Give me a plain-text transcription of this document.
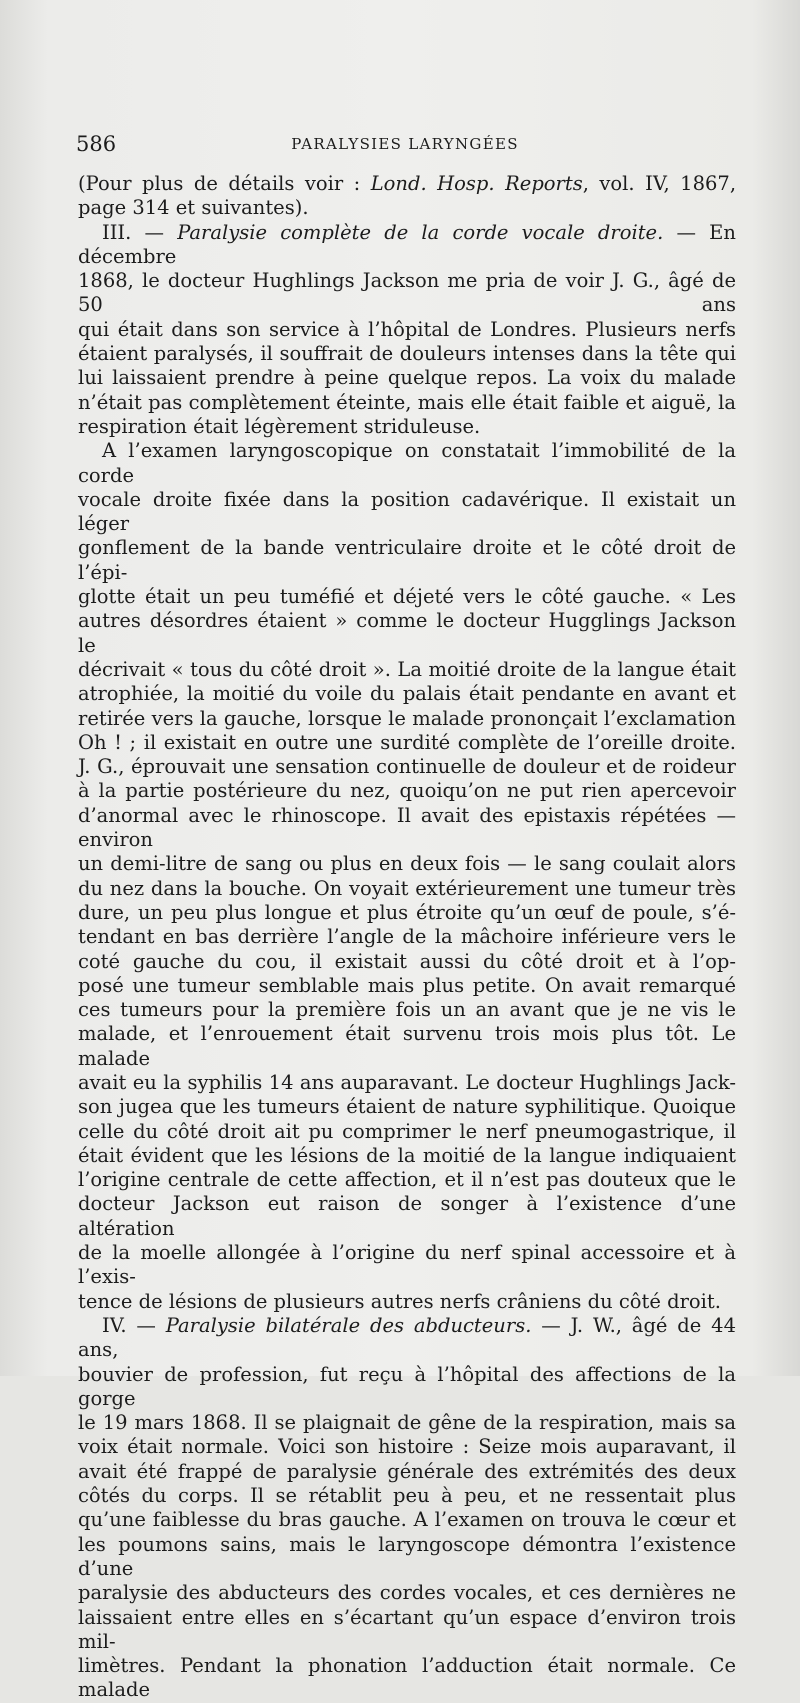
586	PARALYSIES LARYNGÉES
(Pour plus de détails voir : Lond. Hosp. Reports, vol. IV, 1867,
page 314 et suivantes).
III. — Paralysie complète de la corde vocale droite. — En décembre
1868, le docteur Hughlings Jackson me pria de voir J. G., âgé de 50 ans
qui était dans son service à l’hôpital de Londres. Plusieurs nerfs
étaient paralysés, il souffrait de douleurs intenses dans la tête qui
lui laissaient prendre à peine quelque repos. La voix du malade
n’était pas complètement éteinte, mais elle était faible et aiguë, la
respiration était légèrement striduleuse.
A l’examen laryngoscopique on constatait l’immobilité de la corde
vocale droite fixée dans la position cadavérique. Il existait un léger
gonflement de la bande ventriculaire droite et le côté droit de l’épi-
glotte était un peu tuméfié et déjeté vers le côté gauche. « Les
autres désordres étaient » comme le docteur Hugglings Jackson le
décrivait « tous du côté droit ». La moitié droite de la langue était
atrophiée, la moitié du voile du palais était pendante en avant et
retirée vers la gauche, lorsque le malade prononçait l’exclamation
Oh ! ; il existait en outre une surdité complète de l’oreille droite.
J. G., éprouvait une sensation continuelle de douleur et de roideur
à la partie postérieure du nez, quoiqu’on ne put rien apercevoir
d’anormal avec le rhinoscope. Il avait des epistaxis répétées — environ
un demi-litre de sang ou plus en deux fois — le sang coulait alors
du nez dans la bouche. On voyait extérieurement une tumeur très
dure, un peu plus longue et plus étroite qu’un œuf de poule, s’é-
tendant en bas derrière l’angle de la mâchoire inférieure vers le
coté gauche du cou, il existait aussi du côté droit et à l’op-
posé une tumeur semblable mais plus petite. On avait remarqué
ces tumeurs pour la première fois un an avant que je ne vis le
malade, et l’enrouement était survenu trois mois plus tôt. Le malade
avait eu la syphilis 14 ans auparavant. Le docteur Hughlings Jack-
son jugea que les tumeurs étaient de nature syphilitique. Quoique
celle du côté droit ait pu comprimer le nerf pneumogastrique, il
était évident que les lésions de la moitié de la langue indiquaient
l’origine centrale de cette affection, et il n’est pas douteux que le
docteur Jackson eut raison de songer à l’existence d’une altération
de la moelle allongée à l’origine du nerf spinal accessoire et à l’exis-
tence de lésions de plusieurs autres nerfs crâniens du côté droit.
IV. — Paralysie bilatérale des abducteurs. — J. W., âgé de 44 ans,
bouvier de profession, fut reçu à l’hôpital des affections de la gorge
le 19 mars 1868. Il se plaignait de gêne de la respiration, mais sa
voix était normale. Voici son histoire : Seize mois auparavant, il
avait été frappé de paralysie générale des extrémités des deux
côtés du corps. Il se rétablit peu à peu, et ne ressentait plus
qu’une faiblesse du bras gauche. A l’examen on trouva le cœur et
les poumons sains, mais le laryngoscope démontra l’existence d’une
paralysie des abducteurs des cordes vocales, et ces dernières ne
laissaient entre elles en s’écartant qu’un espace d’environ trois mil-
limètres. Pendant la phonation l’adduction était normale. Ce malade
